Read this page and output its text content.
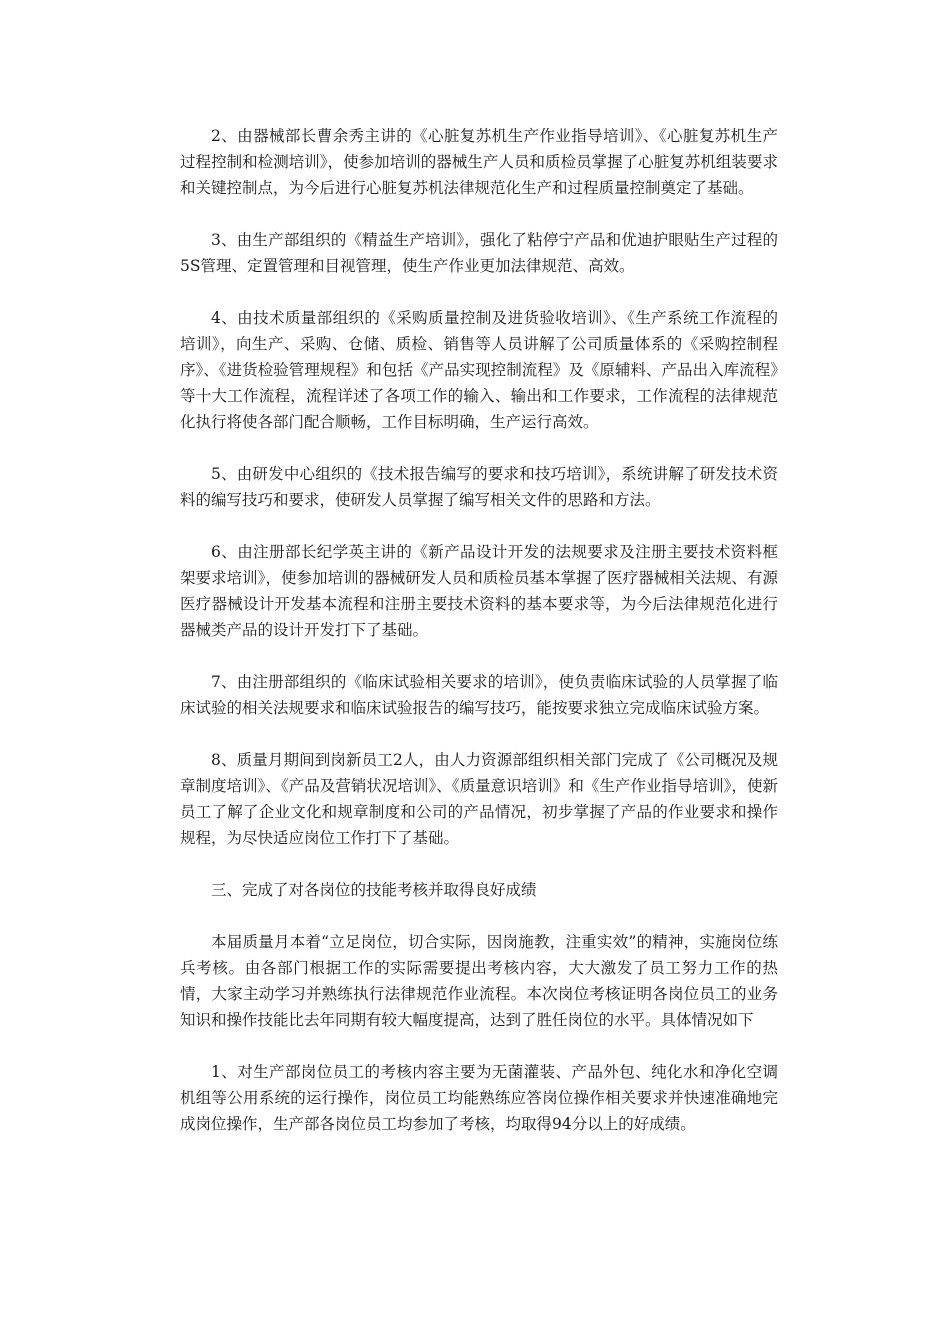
2、由器械部长曹余秀主讲的《心脏复苏机生产作业指导培训》、《心脏复苏机生产过程控制和检测培训》，使参加培训的器械生产人员和质检员掌握了心脏复苏机组装要求和关键控制点，为今后进行心脏复苏机法律规范化生产和过程质量控制奠定了基础。

3、由生产部组织的《精益生产培训》，强化了粘停宁产品和优迪护眼贴生产过程的5S管理、定置管理和目视管理，使生产作业更加法律规范、高效。

4、由技术质量部组织的《采购质量控制及进货验收培训》、《生产系统工作流程的培训》，向生产、采购、仓储、质检、销售等人员讲解了公司质量体系的《采购控制程序》、《进货检验管理规程》和包括《产品实现控制流程》及《原辅料、产品出入库流程》等十大工作流程，流程详述了各项工作的输入、输出和工作要求，工作流程的法律规范化执行将使各部门配合顺畅，工作目标明确，生产运行高效。

5、由研发中心组织的《技术报告编写的要求和技巧培训》，系统讲解了研发技术资料的编写技巧和要求，使研发人员掌握了编写相关文件的思路和方法。

6、由注册部长纪学英主讲的《新产品设计开发的法规要求及注册主要技术资料框架要求培训》，使参加培训的器械研发人员和质检员基本掌握了医疗器械相关法规、有源医疗器械设计开发基本流程和注册主要技术资料的基本要求等，为今后法律规范化进行器械类产品的设计开发打下了基础。

7、由注册部组织的《临床试验相关要求的培训》，使负责临床试验的人员掌握了临床试验的相关法规要求和临床试验报告的编写技巧，能按要求独立完成临床试验方案。

8、质量月期间到岗新员工2人，由人力资源部组织相关部门完成了《公司概况及规章制度培训》、《产品及营销状况培训》、《质量意识培训》和《生产作业指导培训》，使新员工了解了企业文化和规章制度和公司的产品情况，初步掌握了产品的作业要求和操作规程，为尽快适应岗位工作打下了基础。

三、完成了对各岗位的技能考核并取得良好成绩

本届质量月本着“立足岗位，切合实际，因岗施教，注重实效”的精神，实施岗位练兵考核。由各部门根据工作的实际需要提出考核内容，大大激发了员工努力工作的热情，大家主动学习并熟练执行法律规范作业流程。本次岗位考核证明各岗位员工的业务知识和操作技能比去年同期有较大幅度提高，达到了胜任岗位的水平。具体情况如下

1、对生产部岗位员工的考核内容主要为无菌灌装、产品外包、纯化水和净化空调机组等公用系统的运行操作，岗位员工均能熟练应答岗位操作相关要求并快速准确地完成岗位操作，生产部各岗位员工均参加了考核，均取得94分以上的好成绩。
